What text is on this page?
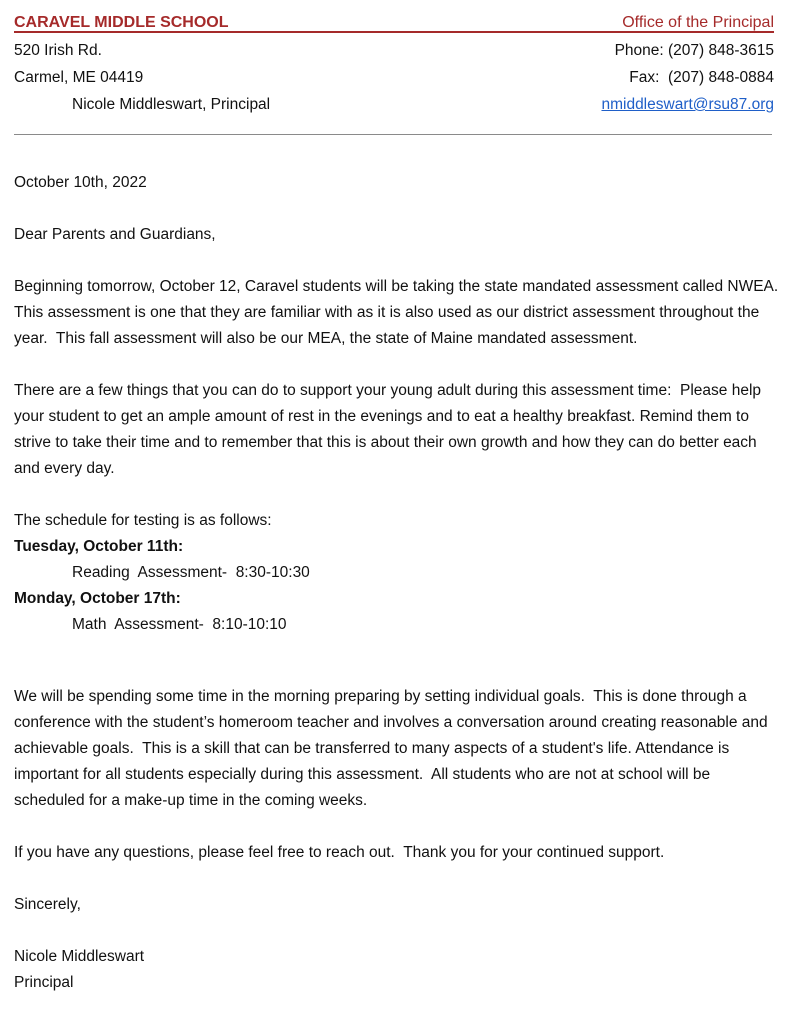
CARAVEL MIDDLE SCHOOL	Office of the Principal
520 Irish Rd.	Phone: (207) 848-3615
Carmel, ME 04419	Fax:  (207) 848-0884
Nicole Middleswart, Principal	nmiddleswart@rsu87.org

October 10th, 2022

Dear Parents and Guardians,

Beginning tomorrow, October 12, Caravel students will be taking the state mandated assessment called NWEA.  This assessment is one that they are familiar with as it is also used as our district assessment throughout the year.  This fall assessment will also be our MEA, the state of Maine mandated assessment.

There are a few things that you can do to support your young adult during this assessment time:  Please help your student to get an ample amount of rest in the evenings and to eat a healthy breakfast. Remind them to strive to take their time and to remember that this is about their own growth and how they can do better each and every day.

The schedule for testing is as follows:

Tuesday, October 11th:

Reading  Assessment-  8:30-10:30

Monday, October 17th:

Math  Assessment-  8:10-10:10

We will be spending some time in the morning preparing by setting individual goals.  This is done through a conference with the student’s homeroom teacher and involves a conversation around creating reasonable and achievable goals.  This is a skill that can be transferred to many aspects of a student's life. Attendance is important for all students especially during this assessment.  All students who are not at school will be scheduled for a make-up time in the coming weeks.

If you have any questions, please feel free to reach out.  Thank you for your continued support.

Sincerely,

Nicole Middleswart

Principal
